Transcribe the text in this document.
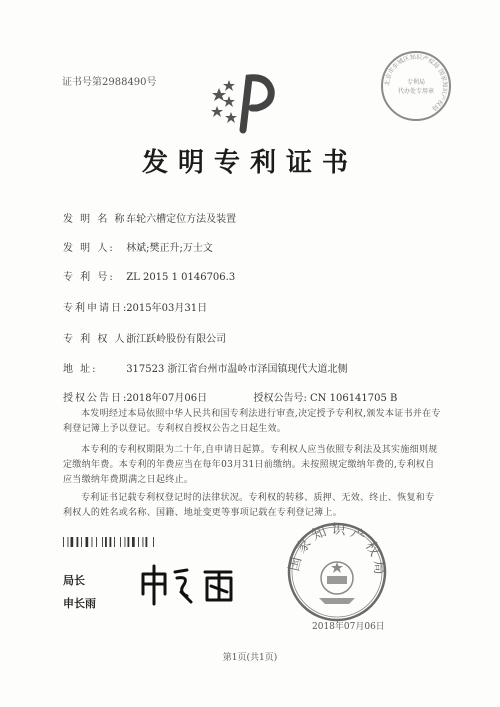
证书号第2988490号	北京市东城区知识产权局 国家知识产权局
专利局
代办处专用章
发明专利证书
发 明 名 称: 车轮六槽定位方法及装置
发 明 人: 林斌;樊正升;万士文
专 利 号: ZL 2015 1 0146706.3
专利申请日: 2015年03月31日
专 利 权 人: 浙江跃岭股份有限公司
地 址:	317523 浙江省台州市温岭市泽国镇现代大道北侧
授权公告日: 2018年07月06日	授权公告号: CN 106141705 B
本发明经过本局依照中华人民共和国专利法进行审查,决定授予专利权,颁发本证书并在专利登记簿上予以登记。专利权自授权公告之日起生效。
本专利的专利权期限为二十年,自申请日起算。专利权人应当依照专利法及其实施细则规定缴纳年费。本专利的年费应当在每年03月31日前缴纳。未按照规定缴纳年费的,专利权自应当缴纳年费期满之日起终止。
专利证书记载专利权登记时的法律状况。专利权的转移、质押、无效、终止、恢复和专利权人的姓名或名称、国籍、地址变更等事项记载在专利登记簿上。
局长
申长雨
国家知识产权局
2018年07月06日
第1页(共1页)
